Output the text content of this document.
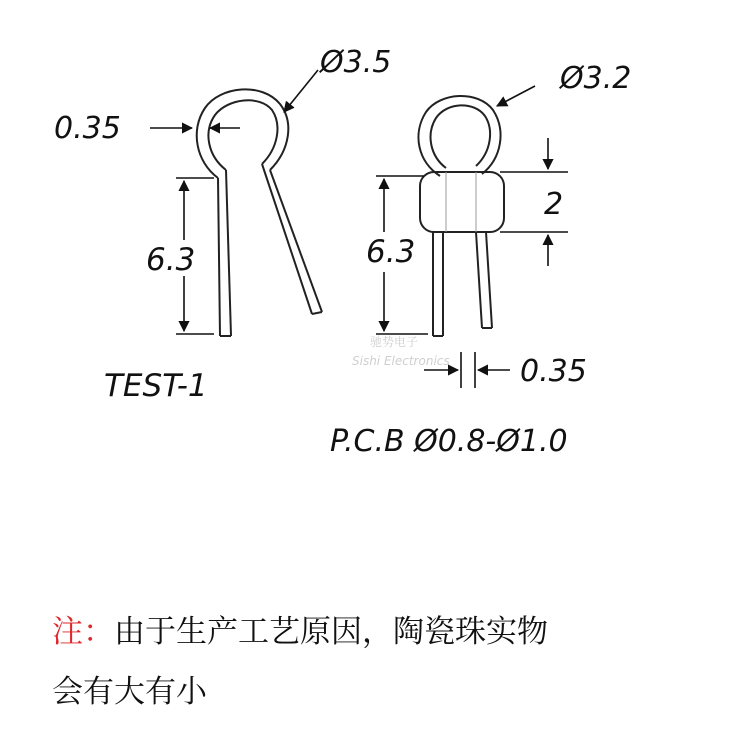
Ø3.5
0.35
6.3
TEST-1
Ø3.2
2
6.3
0.35
P.C.B Ø0.8-Ø1.0
驰势电子
Sishi Electronics
注：由于生产工艺原因，陶瓷珠实物
会有大有小
